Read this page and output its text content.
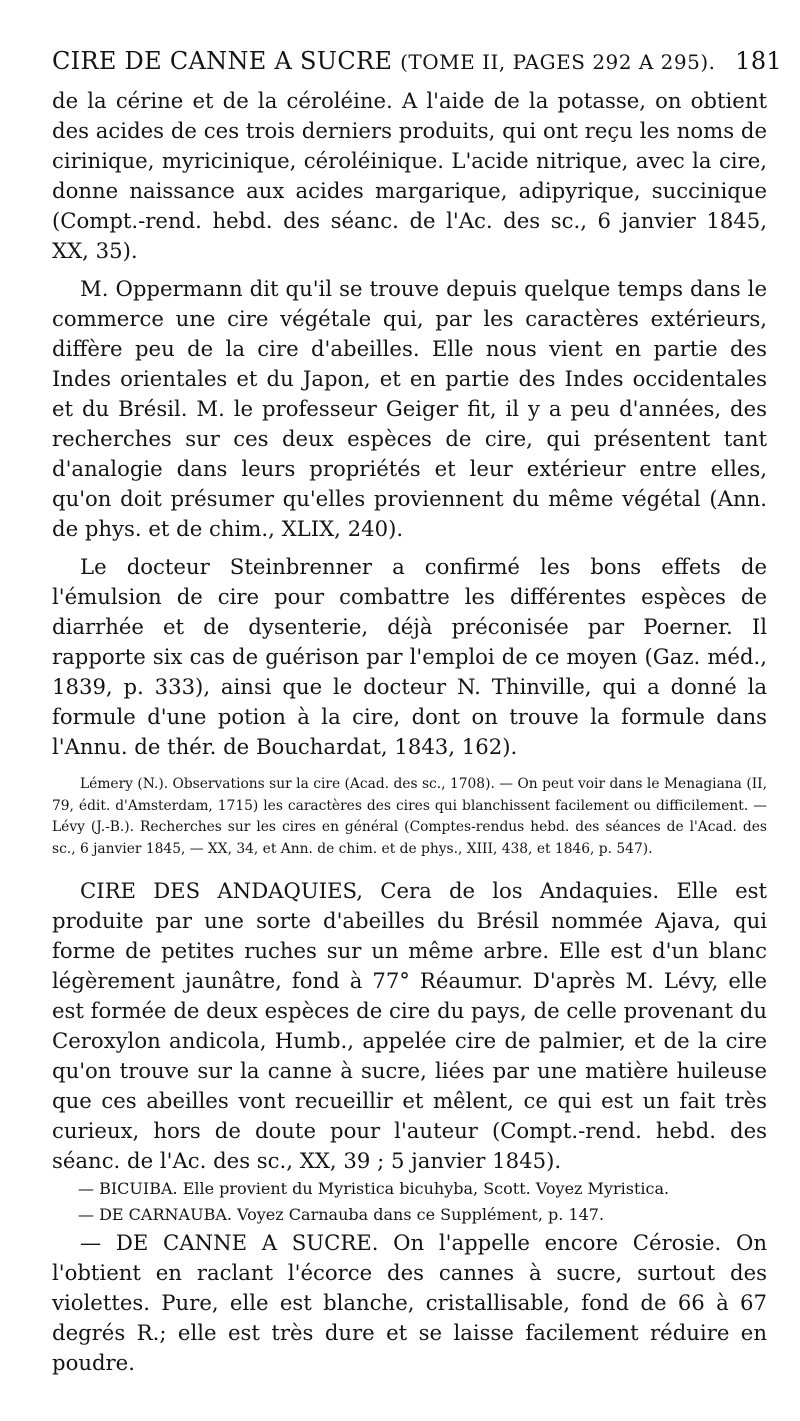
CIRE DE CANNE A SUCRE (TOME II, PAGES 292 A 295). 181

de la cérine et de la céroléine. A l'aide de la potasse, on obtient des acides de ces trois derniers produits, qui ont reçu les noms de cirinique, myricinique, céroléinique. L'acide nitrique, avec la cire, donne naissance aux acides margarique, adipyrique, succinique (Compt.-rend. hebd. des séanc. de l'Ac. des sc., 6 janvier 1845, XX, 35).

M. Oppermann dit qu'il se trouve depuis quelque temps dans le commerce une cire végétale qui, par les caractères extérieurs, diffère peu de la cire d'abeilles. Elle nous vient en partie des Indes orientales et du Japon, et en partie des Indes occidentales et du Brésil. M. le professeur Geiger fit, il y a peu d'années, des recherches sur ces deux espèces de cire, qui présentent tant d'analogie dans leurs propriétés et leur extérieur entre elles, qu'on doit présumer qu'elles proviennent du même végétal (Ann. de phys. et de chim., XLIX, 240).

Le docteur Steinbrenner a confirmé les bons effets de l'émulsion de cire pour combattre les différentes espèces de diarrhée et de dysenterie, déjà préconisée par Poerner. Il rapporte six cas de guérison par l'emploi de ce moyen (Gaz. méd., 1839, p. 333), ainsi que le docteur N. Thinville, qui a donné la formule d'une potion à la cire, dont on trouve la formule dans l'Annu. de thér. de Bouchardat, 1843, 162).

Lémery (N.). Observations sur la cire (Acad. des sc., 1708). — On peut voir dans le Menagiana (II, 79, édit. d'Amsterdam, 1715) les caractères des cires qui blanchissent facilement ou difficilement. — Lévy (J.-B.). Recherches sur les cires en général (Comptes-rendus hebd. des séances de l'Acad. des sc., 6 janvier 1845, — XX, 34, et Ann. de chim. et de phys., XIII, 438, et 1846, p. 547).

CIRE DES ANDAQUIES, Cera de los Andaquies. Elle est produite par une sorte d'abeilles du Brésil nommée Ajava, qui forme de petites ruches sur un même arbre. Elle est d'un blanc légèrement jaunâtre, fond à 77° Réaumur. D'après M. Lévy, elle est formée de deux espèces de cire du pays, de celle provenant du Ceroxylon andicola, Humb., appelée cire de palmier, et de la cire qu'on trouve sur la canne à sucre, liées par une matière huileuse que ces abeilles vont recueillir et mêlent, ce qui est un fait très curieux, hors de doute pour l'auteur (Compt.-rend. hebd. des séanc. de l'Ac. des sc., XX, 39 ; 5 janvier 1845).

— BICUIBA. Elle provient du Myristica bicuhyba, Scott. Voyez Myristica.

— DE CARNAUBA. Voyez Carnauba dans ce Supplément, p. 147.

— DE CANNE A SUCRE. On l'appelle encore Cérosie. On l'obtient en raclant l'écorce des cannes à sucre, surtout des violettes. Pure, elle est blanche, cristallisable, fond de 66 à 67 degrés R.; elle est très dure et se laisse facilement réduire en poudre.
